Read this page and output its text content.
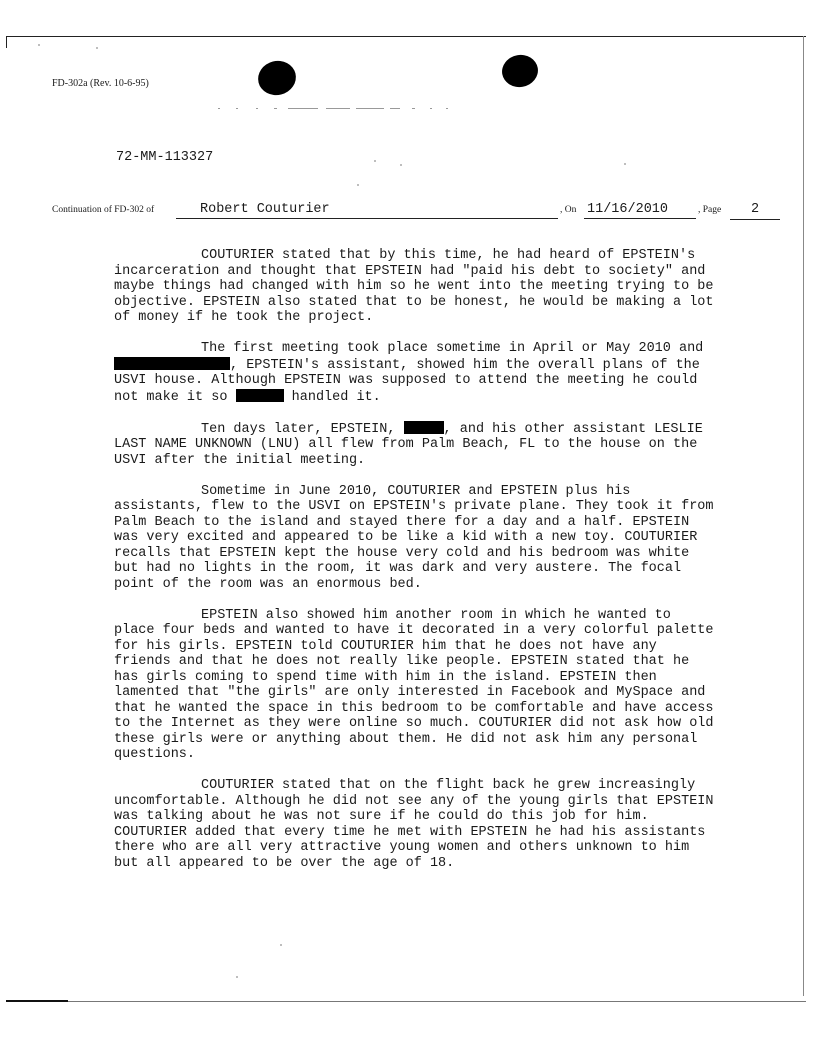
FD-302a (Rev. 10-6-95)
72-MM-113327
Continuation of FD-302 of	Robert Couturier	, On 11/16/2010	, Page	2

COUTURIER stated that by this time, he had heard of EPSTEIN's incarceration and thought that EPSTEIN had "paid his debt to society" and maybe things had changed with him so he went into the meeting trying to be objective. EPSTEIN also stated that to be honest, he would be making a lot of money if he took the project.

The first meeting took place sometime in April or May 2010 and , EPSTEIN's assistant, showed him the overall plans of the USVI house. Although EPSTEIN was supposed to attend the meeting he could not make it so	handled it.

Ten days later, EPSTEIN,	, and his other assistant LESLIE LAST NAME UNKNOWN (LNU) all flew from Palm Beach, FL to the house on the USVI after the initial meeting.

Sometime in June 2010, COUTURIER and EPSTEIN plus his assistants, flew to the USVI on EPSTEIN's private plane. They took it from Palm Beach to the island and stayed there for a day and a half. EPSTEIN was very excited and appeared to be like a kid with a new toy. COUTURIER recalls that EPSTEIN kept the house very cold and his bedroom was white but had no lights in the room, it was dark and very austere. The focal point of the room was an enormous bed.

EPSTEIN also showed him another room in which he wanted to place four beds and wanted to have it decorated in a very colorful palette for his girls. EPSTEIN told COUTURIER him that he does not have any friends and that he does not really like people. EPSTEIN stated that he has girls coming to spend time with him in the island. EPSTEIN then lamented that "the girls" are only interested in Facebook and MySpace and that he wanted the space in this bedroom to be comfortable and have access to the Internet as they were online so much. COUTURIER did not ask how old these girls were or anything about them. He did not ask him any personal questions.

COUTURIER stated that on the flight back he grew increasingly uncomfortable. Although he did not see any of the young girls that EPSTEIN was talking about he was not sure if he could do this job for him. COUTURIER added that every time he met with EPSTEIN he had his assistants there who are all very attractive young women and others unknown to him but all appeared to be over the age of 18.
